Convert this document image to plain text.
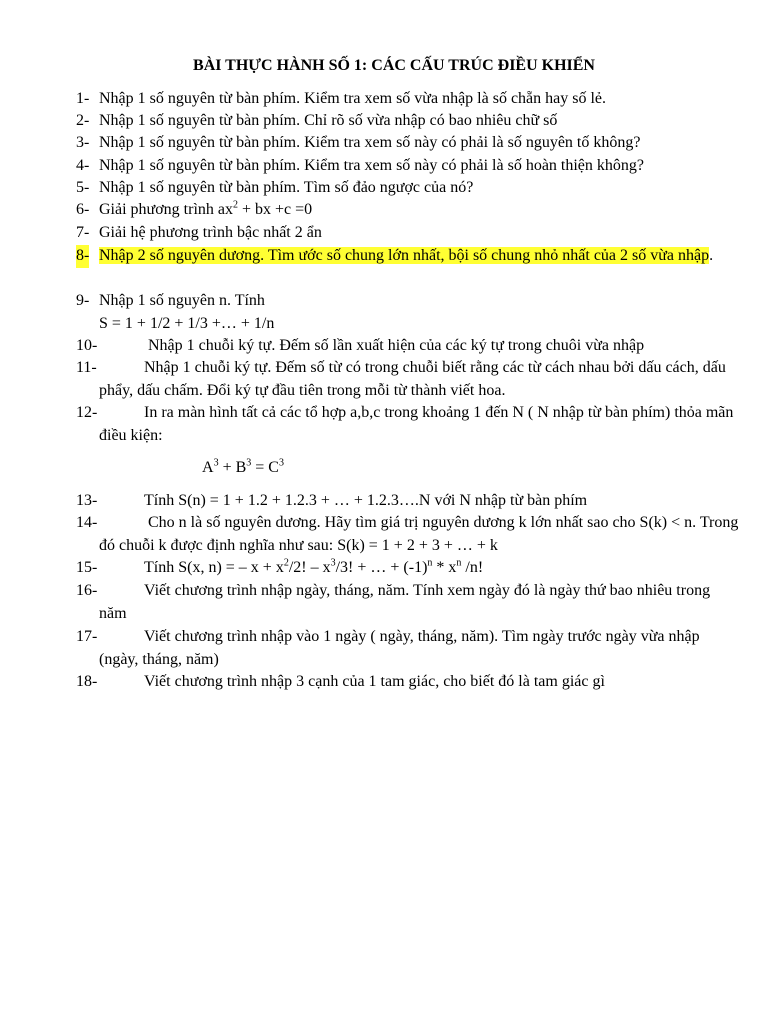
BÀI THỰC HÀNH SỐ 1: CÁC CẤU TRÚC ĐIỀU KHIỂN
1- Nhập 1 số nguyên từ bàn phím. Kiểm tra xem số vừa nhập là số chẵn hay số lẻ.
2- Nhập 1 số nguyên từ bàn phím. Chỉ rõ số vừa nhập có bao nhiêu chữ số
3- Nhập 1 số nguyên từ bàn phím. Kiểm tra xem số này có phải là số nguyên tố không?
4- Nhập 1 số nguyên từ bàn phím. Kiểm tra xem số này có phải là số hoàn thiện không?
5- Nhập 1 số nguyên từ bàn phím. Tìm số đảo ngược của nó?
6- Giải phương trình $ax^2$ + bx +c =0
7- Giải hệ phương trình bậc nhất 2 ẩn
8- Nhập 2 số nguyên dương. Tìm ước số chung lớn nhất, bội số chung nhỏ nhất của 2 số vừa nhập.
9- Nhập 1 số nguyên n. Tính
S = 1 + 1/2 + 1/3 +… + 1/n
10-	Nhập 1 chuỗi ký tự. Đếm số lần xuất hiện của các ký tự trong chuôi vừa nhập
11-	Nhập 1 chuỗi ký tự. Đếm số từ có trong chuỗi biết rằng các từ cách nhau bởi dấu cách, dấu phẩy, dấu chấm. Đổi ký tự đầu tiên trong mỗi từ thành viết hoa.
12-	In ra màn hình tất cả các tổ hợp a,b,c trong khoảng 1 đến N ( N nhập từ bàn phím) thỏa mãn điều kiện:
$A^3 + B^3 = C^3$
13-	Tính S(n) = 1 + 1.2 + 1.2.3 + … + 1.2.3….N với N nhập từ bàn phím
14-	Cho n là số nguyên dương. Hãy tìm giá trị nguyên dương k lớn nhất sao cho S(k) < n. Trong đó chuỗi k được định nghĩa như sau: S(k) = 1 + 2 + 3 + … + k
15-	Tính S(x, n) = – $x + x^2/2$! – $x^3/3$! + … + $(-1)^n * x^n$ /n!
16-	Viết chương trình nhập ngày, tháng, năm. Tính xem ngày đó là ngày thứ bao nhiêu trong năm
17-	Viết chương trình nhập vào 1 ngày ( ngày, tháng, năm). Tìm ngày trước ngày vừa nhập (ngày, tháng, năm)
18-	Viết chương trình nhập 3 cạnh của 1 tam giác, cho biết đó là tam giác gì
